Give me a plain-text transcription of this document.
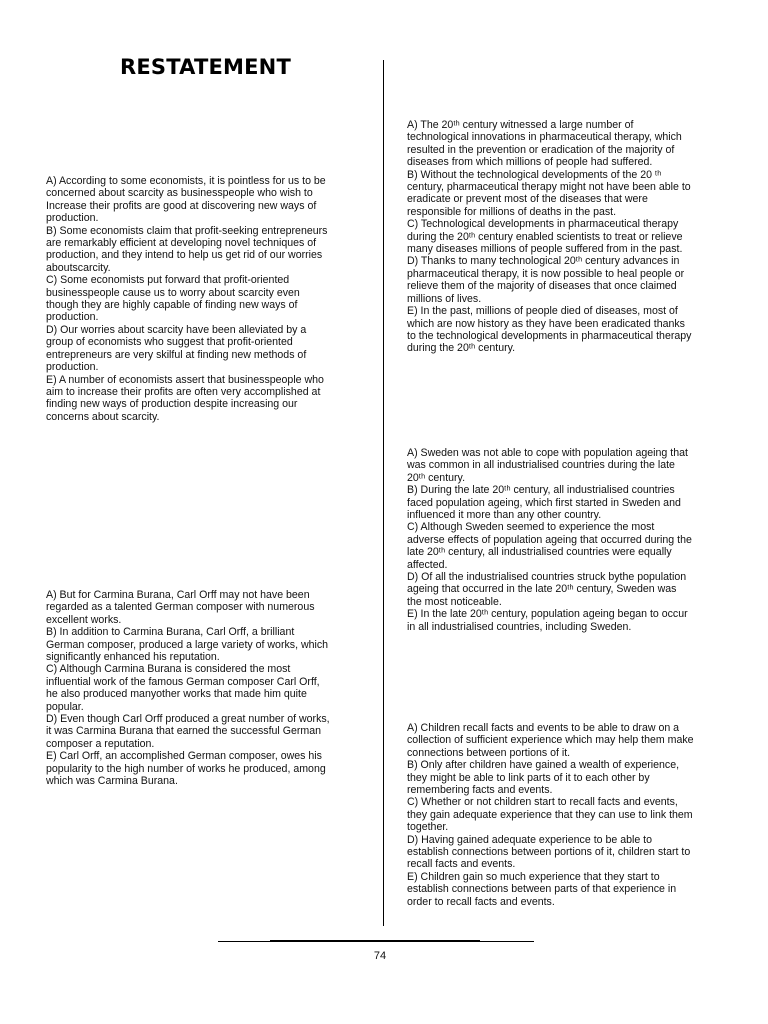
RESTATEMENT
A) According to some economists, it is pointless for us to be
concerned about scarcity as businesspeople who wish to
Increase their profits are good at discovering new ways of
production.
B) Some economists claim that profit-seeking entrepreneurs
are remarkably efficient at developing novel techniques of
production, and they intend to help us get rid of our worries
aboutscarcity.
C) Some economists put forward that profit-oriented
businesspeople cause us to worry about scarcity even
though they are highly capable of finding new ways of
production.
D) Our worries about scarcity have been alleviated by a
group of economists who suggest that profit-oriented
entrepreneurs are very skilful at finding new methods of
production.
E) A number of economists assert that businesspeople who
aim to increase their profits are often very accomplished at
finding new ways of production despite increasing our
concerns about scarcity.
A) But for Carmina Burana, Carl Orff may not have been
regarded as a talented German composer with numerous
excellent works.
B) In addition to Carmina Burana, Carl Orff, a brilliant
German composer, produced a large variety of works, which
significantly enhanced his reputation.
C) Although Carmina Burana is considered the most
influential work of the famous German composer Carl Orff,
he also produced manyother works that made him quite
popular.
D) Even though Carl Orff produced a great number of works,
it was Carmina Burana that earned the successful German
composer a reputation.
E) Carl Orff, an accomplished German composer, owes his
popularity to the high number of works he produced, among
which was Carmina Burana.
A) The 20ᵗʰ century witnessed a large number of
technological innovations in pharmaceutical therapy, which
resulted in the prevention or eradication of the majority of
diseases from which millions of people had suffered.
B) Without the technological developments of the 20 ᵗʰ
century, pharmaceutical therapy might not have been able to
eradicate or prevent most of the diseases that were
responsible for millions of deaths in the past.
C) Technological developments in pharmaceutical therapy
during the 20ᵗʰ century enabled scientists to treat or relieve
many diseases millions of people suffered from in the past.
D) Thanks to many technological 20ᵗʰ century advances in
pharmaceutical therapy, it is now possible to heal people or
relieve them of the majority of diseases that once claimed
millions of lives.
E) In the past, millions of people died of diseases, most of
which are now history as they have been eradicated thanks
to the technological developments in pharmaceutical therapy
during the 20ᵗʰ century.
A) Sweden was not able to cope with population ageing that
was common in all industrialised countries during the late
20ᵗʰ century.
B) During the late 20ᵗʰ century, all industrialised countries
faced population ageing, which first started in Sweden and
influenced it more than any other country.
C) Although Sweden seemed to experience the most
adverse effects of population ageing that occurred during the
late 20ᵗʰ century, all industrialised countries were equally
affected.
D) Of all the industrialised countries struck bythe population
ageing that occurred in the late 20ᵗʰ century, Sweden was
the most noticeable.
E) In the late 20ᵗʰ century, population ageing began to occur
in all industrialised countries, including Sweden.
A) Children recall facts and events to be able to draw on a
collection of sufficient experience which may help them make
connections between portions of it.
B) Only after children have gained a wealth of experience,
they might be able to link parts of it to each other by
remembering facts and events.
C) Whether or not children start to recall facts and events,
they gain adequate experience that they can use to link them
together.
D) Having gained adequate experience to be able to
establish connections between portions of it, children start to
recall facts and events.
E) Children gain so much experience that they start to
establish connections between parts of that experience in
order to recall facts and events.
74
